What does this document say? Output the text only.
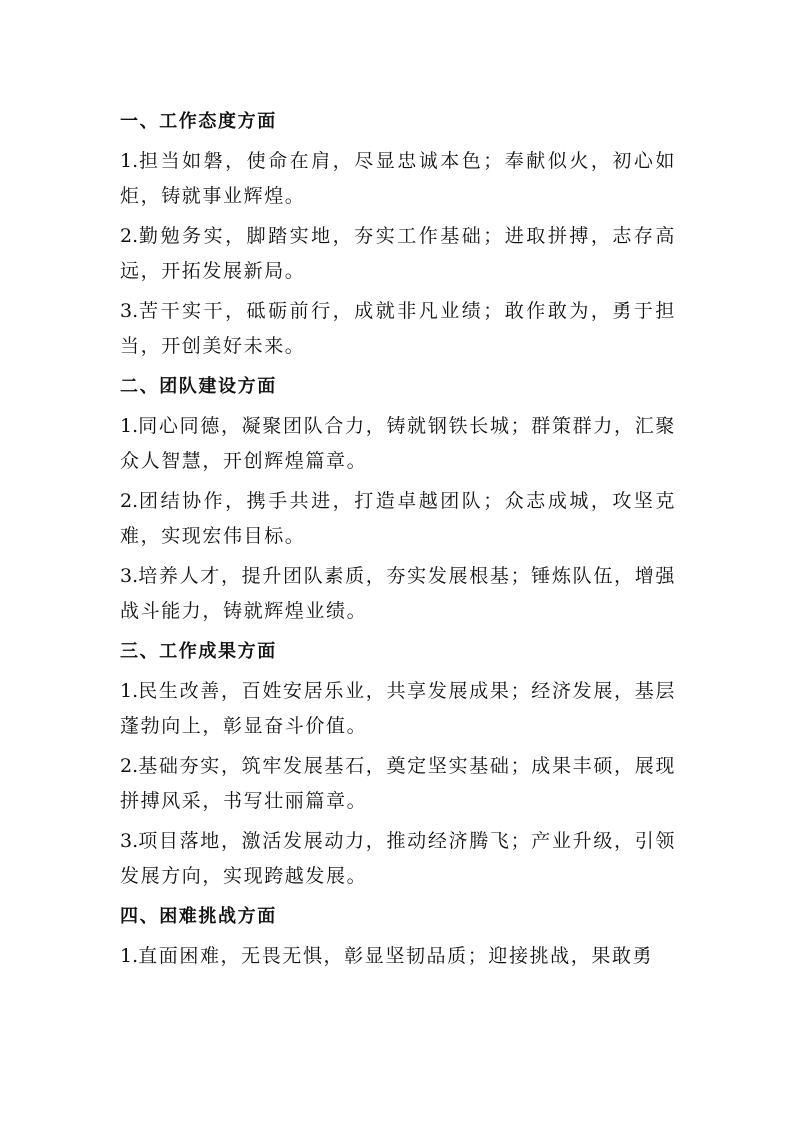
一、工作态度方面
1.担当如磐，使命在肩，尽显忠诚本色；奉献似火，初心如炬，铸就事业辉煌。
2.勤勉务实，脚踏实地，夯实工作基础；进取拼搏，志存高远，开拓发展新局。
3.苦干实干，砥砺前行，成就非凡业绩；敢作敢为，勇于担当，开创美好未来。
二、团队建设方面
1.同心同德，凝聚团队合力，铸就钢铁长城；群策群力，汇聚众人智慧，开创辉煌篇章。
2.团结协作，携手共进，打造卓越团队；众志成城，攻坚克难，实现宏伟目标。
3.培养人才，提升团队素质，夯实发展根基；锤炼队伍，增强战斗能力，铸就辉煌业绩。
三、工作成果方面
1.民生改善，百姓安居乐业，共享发展成果；经济发展，基层蓬勃向上，彰显奋斗价值。
2.基础夯实，筑牢发展基石，奠定坚实基础；成果丰硕，展现拼搏风采，书写壮丽篇章。
3.项目落地，激活发展动力，推动经济腾飞；产业升级，引领发展方向，实现跨越发展。
四、困难挑战方面
1.直面困难，无畏无惧，彰显坚韧品质；迎接挑战，果敢勇
